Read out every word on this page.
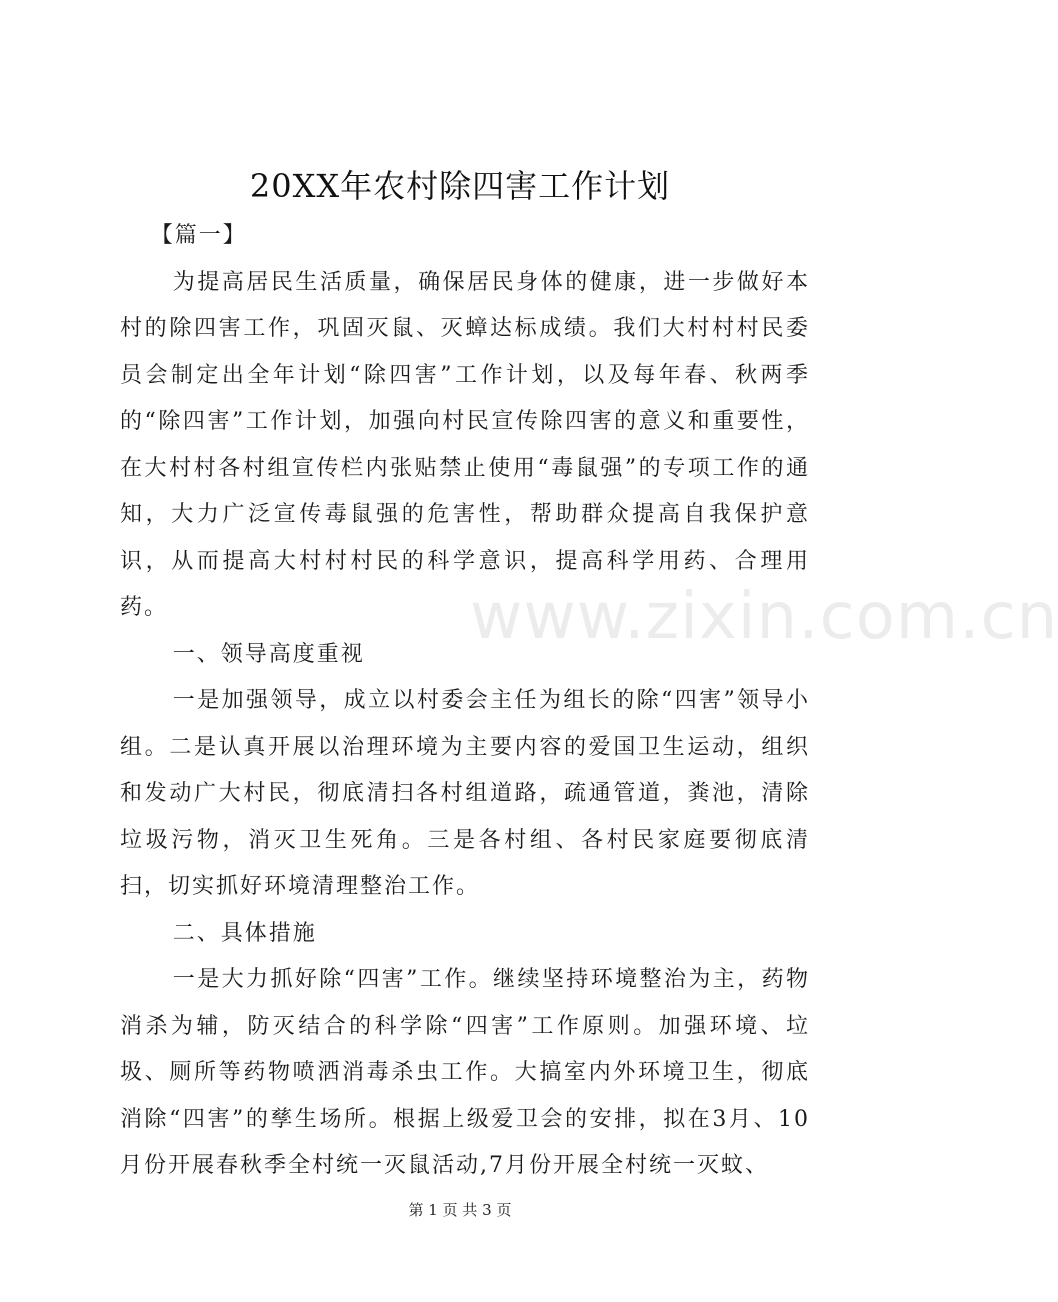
20XX年农村除四害工作计划

【篇一】

为提高居民生活质量，确保居民身体的健康，进一步做好本村的除四害工作，巩固灭鼠、灭蟑达标成绩。我们大村村村民委员会制定出全年计划“除四害”工作计划，以及每年春、秋两季的“除四害”工作计划，加强向村民宣传除四害的意义和重要性，在大村村各村组宣传栏内张贴禁止使用“毒鼠强”的专项工作的通知，大力广泛宣传毒鼠强的危害性，帮助群众提高自我保护意识，从而提高大村村村民的科学意识，提高科学用药、合理用药。

一、领导高度重视

一是加强领导，成立以村委会主任为组长的除“四害”领导小组。二是认真开展以治理环境为主要内容的爱国卫生运动，组织和发动广大村民，彻底清扫各村组道路，疏通管道，粪池，清除垃圾污物，消灭卫生死角。三是各村组、各村民家庭要彻底清扫，切实抓好环境清理整治工作。

二、具体措施

一是大力抓好除“四害”工作。继续坚持环境整治为主，药物消杀为辅，防灭结合的科学除“四害”工作原则。加强环境、垃圾、厕所等药物喷洒消毒杀虫工作。大搞室内外环境卫生，彻底消除“四害”的孳生场所。根据上级爱卫会的安排，拟在3月、10月份开展春秋季全村统一灭鼠活动,7月份开展全村统一灭蚊、

www.zixin.com.cn
第 1 页 共 3 页
